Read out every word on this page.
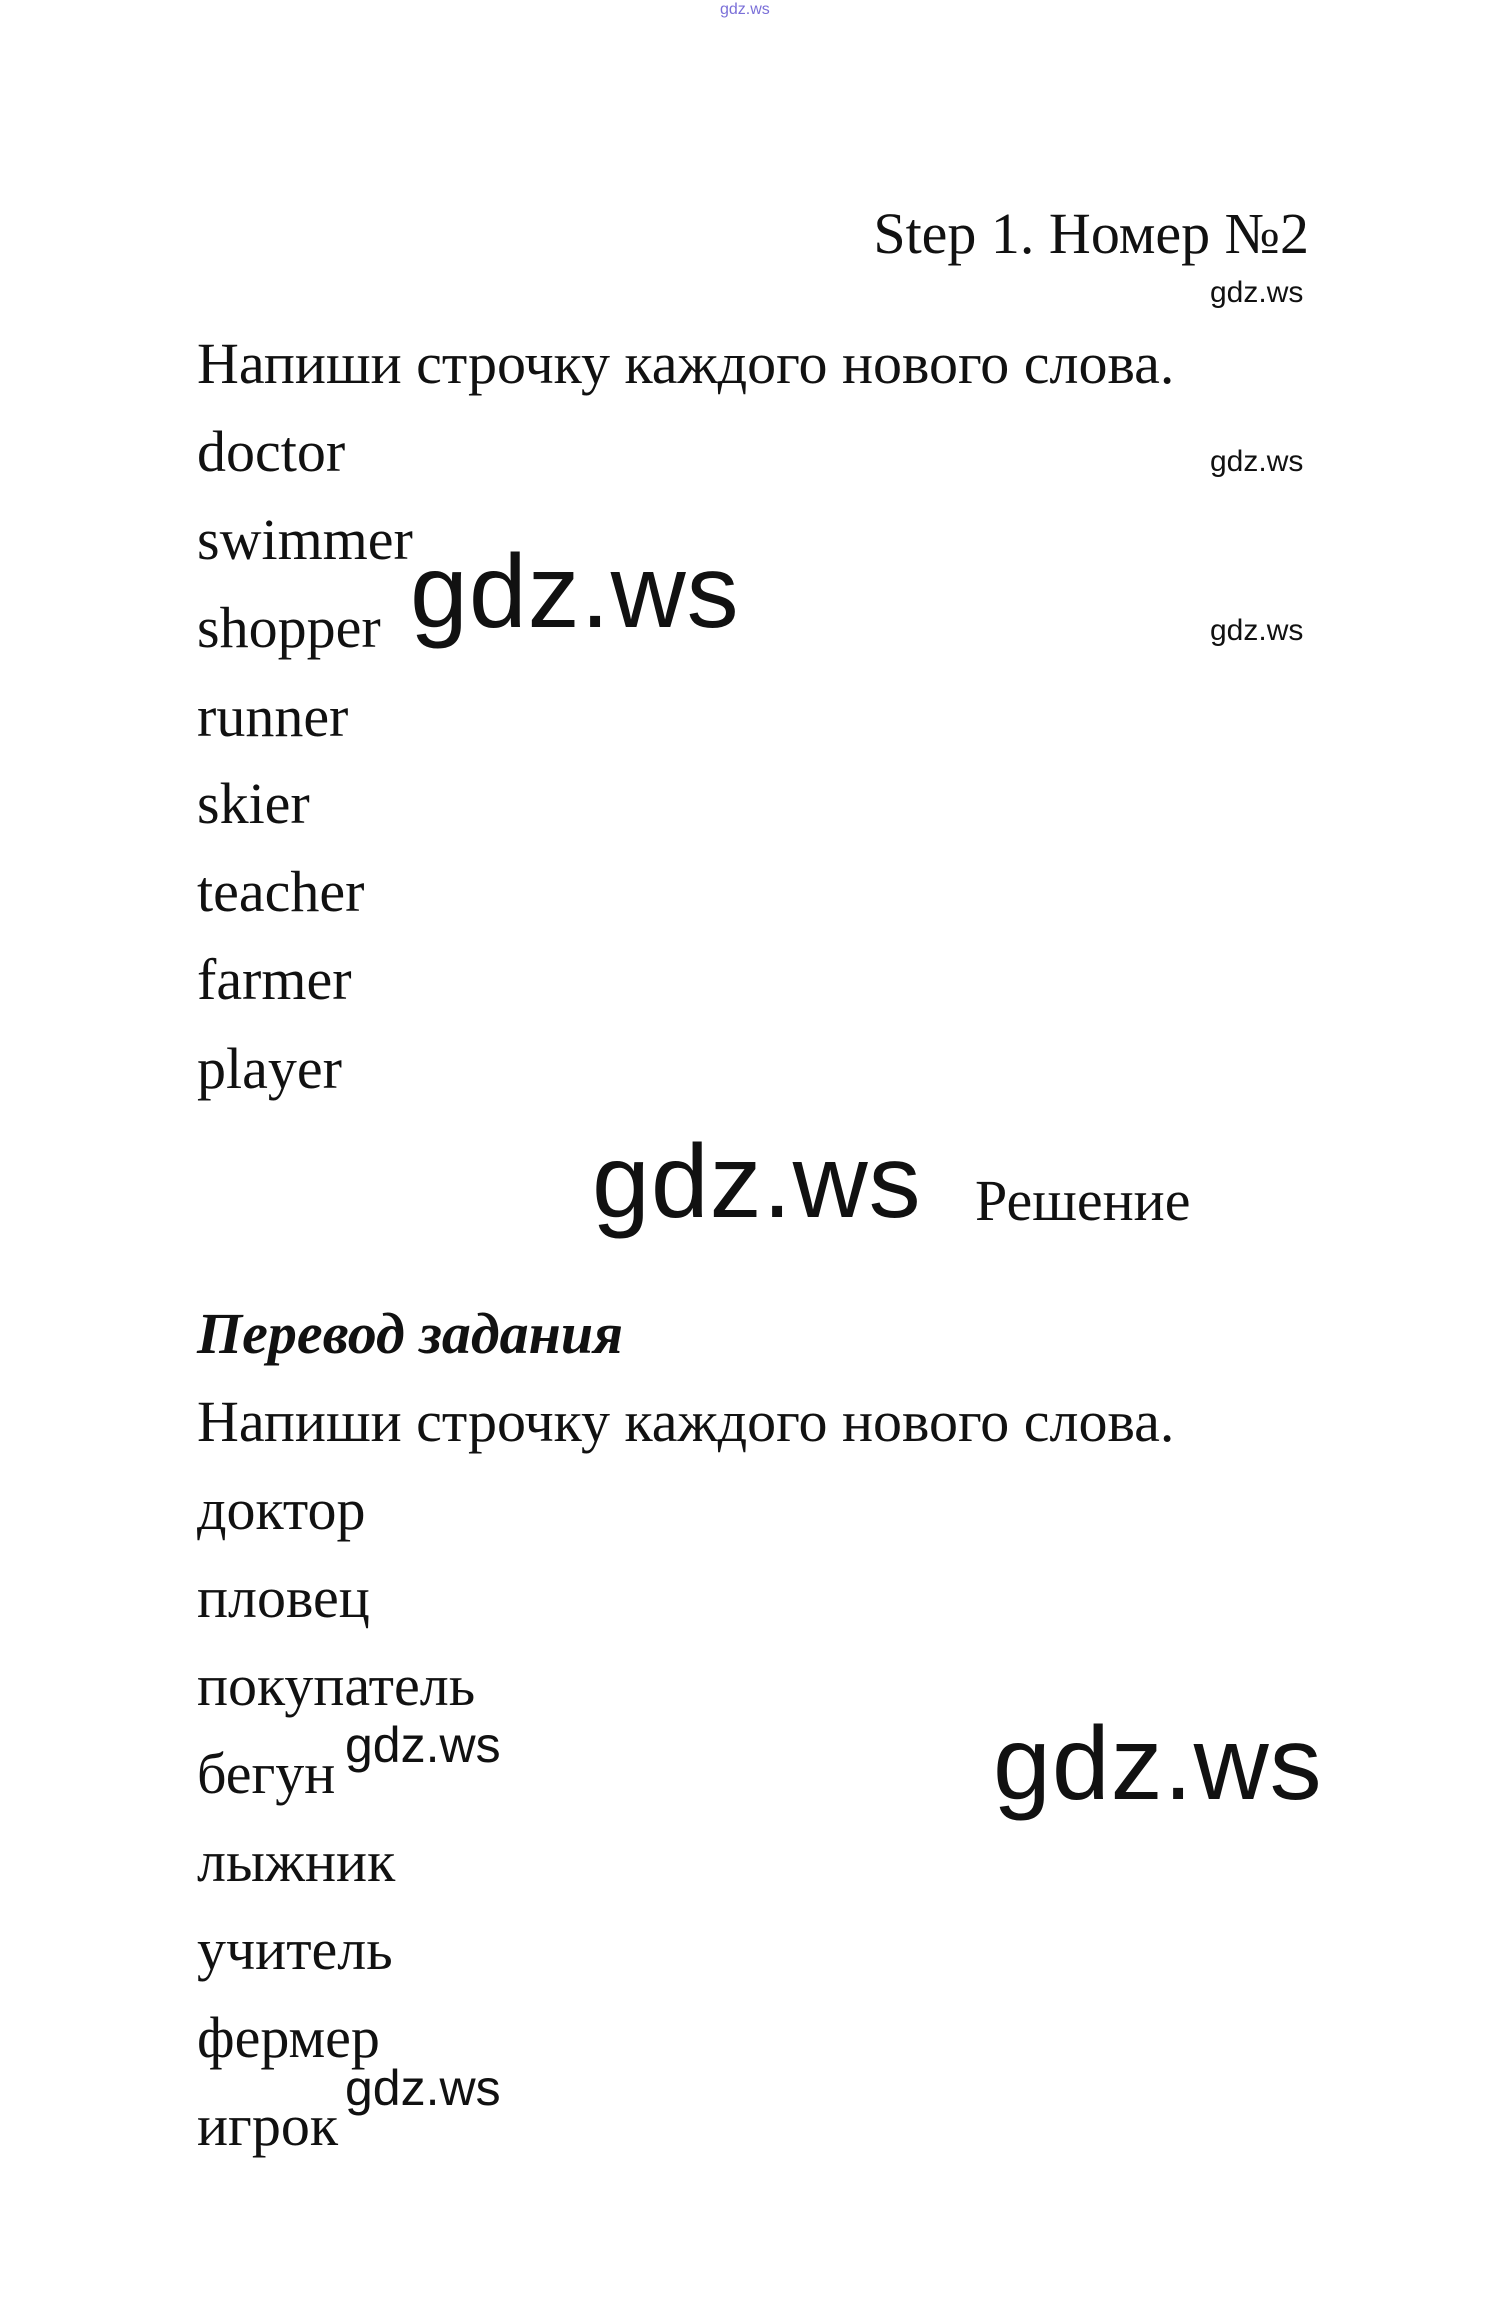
gdz.ws
Step 1. Номер №2
gdz.ws
Напиши строчку каждого нового слова.
doctor
swimmer
shopper
runner
skier
teacher
farmer
player
gdz.ws
gdz.ws
gdz.ws
gdz.ws Решение
Перевод задания
Напиши строчку каждого нового слова.
доктор
пловец
покупатель
бегун
лыжник
учитель
фермер
игрок
gdz.ws
gdz.ws
gdz.ws
